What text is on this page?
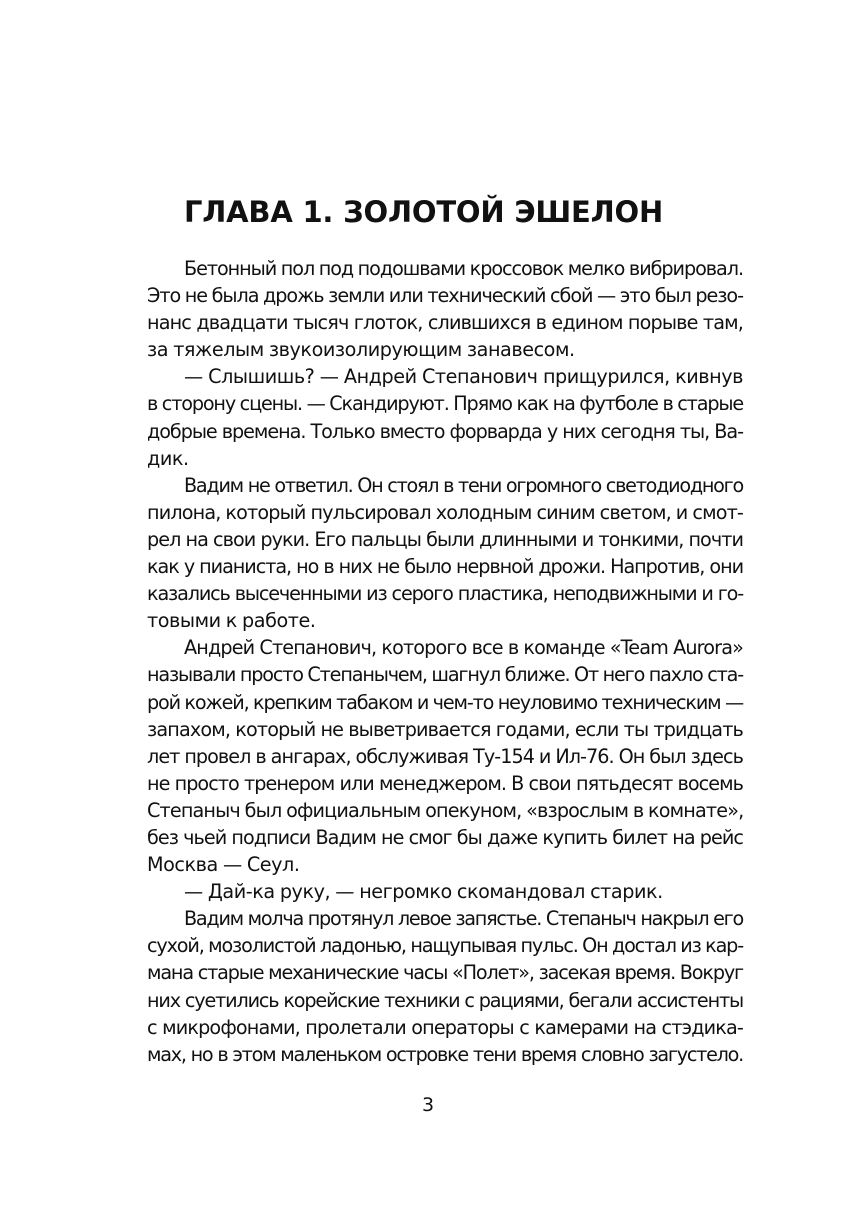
ГЛАВА 1. ЗОЛОТОЙ ЭШЕЛОН
Бетонный пол под подошвами кроссовок мелко вибрировал.
Это не была дрожь земли или технический сбой — это был резо-
нанс двадцати тысяч глоток, слившихся в едином порыве там,
за тяжелым звукоизолирующим занавесом.
— Слышишь? — Андрей Степанович прищурился, кивнув
в сторону сцены. — Скандируют. Прямо как на футболе в старые
добрые времена. Только вместо форварда у них сегодня ты, Ва-
дик.
Вадим не ответил. Он стоял в тени огромного светодиодного
пилона, который пульсировал холодным синим светом, и смот-
рел на свои руки. Его пальцы были длинными и тонкими, почти
как у пианиста, но в них не было нервной дрожи. Напротив, они
казались высеченными из серого пластика, неподвижными и го-
товыми к работе.
Андрей Степанович, которого все в команде «Team Aurora»
называли просто Степанычем, шагнул ближе. От него пахло ста-
рой кожей, крепким табаком и чем-то неуловимо техническим —
запахом, который не выветривается годами, если ты тридцать
лет провел в ангарах, обслуживая Ту-154 и Ил-76. Он был здесь
не просто тренером или менеджером. В свои пятьдесят восемь
Степаныч был официальным опекуном, «взрослым в комнате»,
без чьей подписи Вадим не смог бы даже купить билет на рейс
Москва — Сеул.
— Дай-ка руку, — негромко скомандовал старик.
Вадим молча протянул левое запястье. Степаныч накрыл его
сухой, мозолистой ладонью, нащупывая пульс. Он достал из кар-
мана старые механические часы «Полет», засекая время. Вокруг
них суетились корейские техники с рациями, бегали ассистенты
с микрофонами, пролетали операторы с камерами на стэдика-
мах, но в этом маленьком островке тени время словно загустело.
3
